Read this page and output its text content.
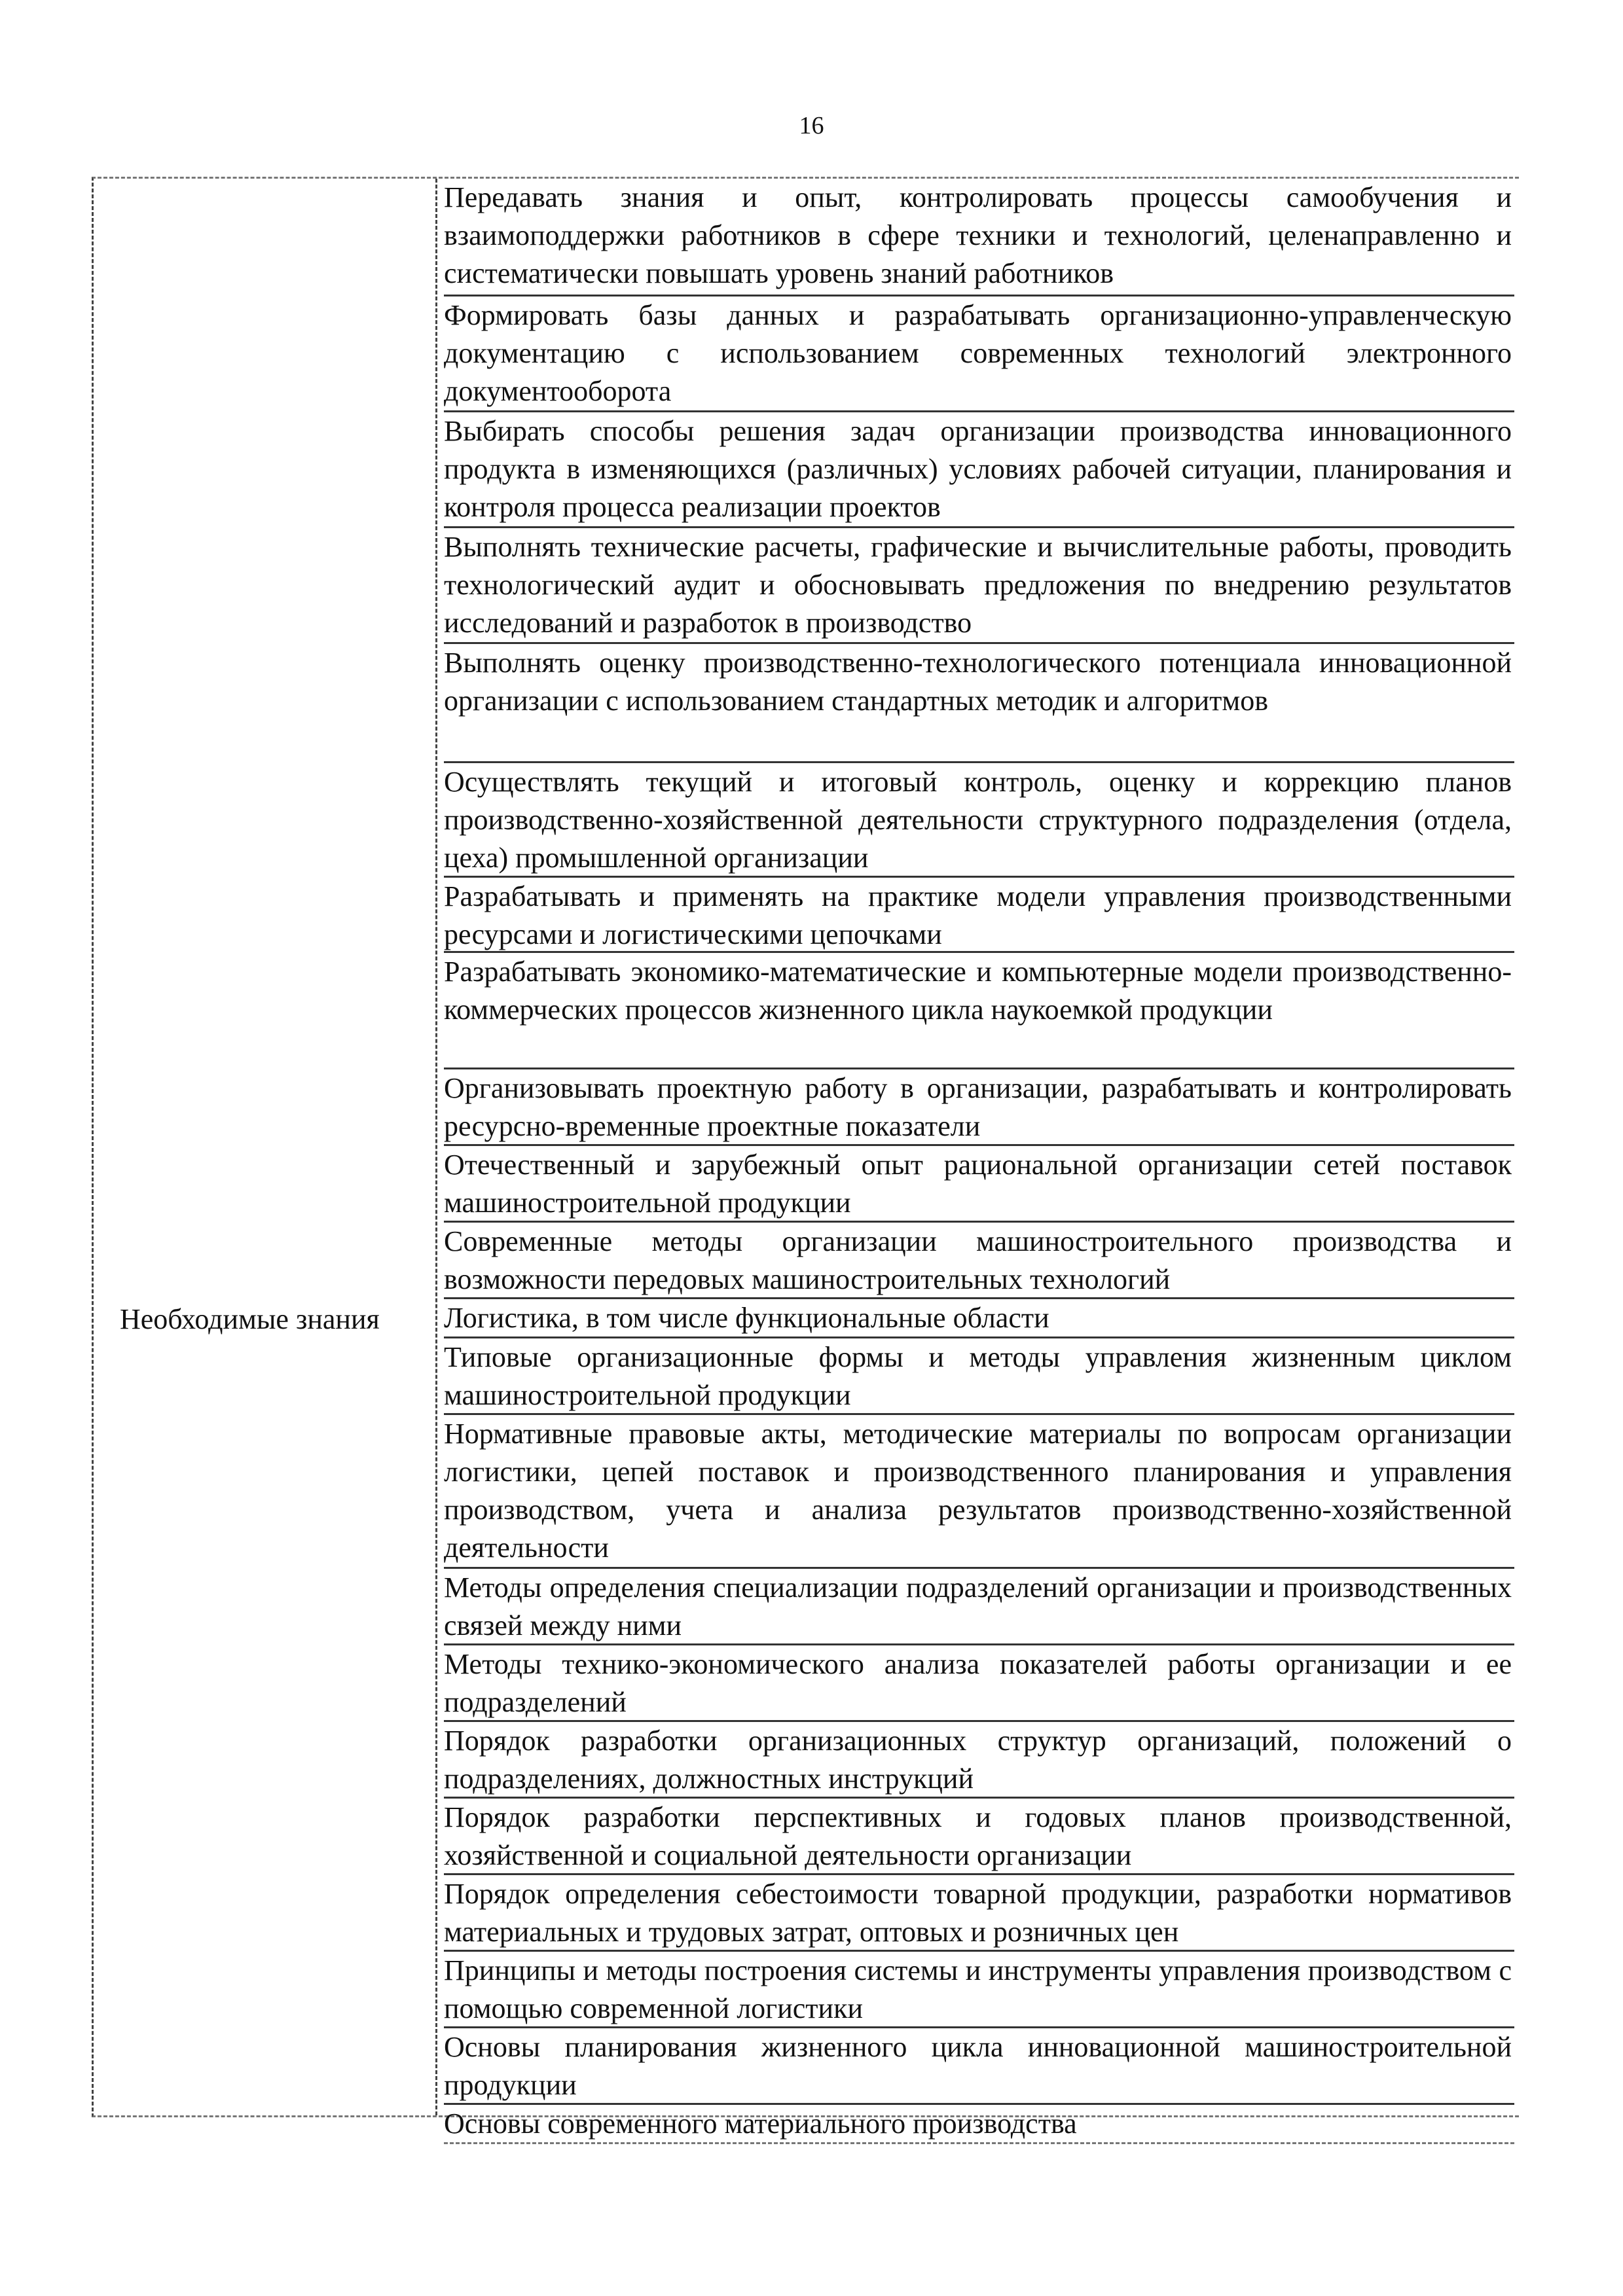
16
Необходимые знания
Передавать знания и опыт, контролировать процессы самообучения и взаимоподдержки работников в сфере техники и технологий, целенаправленно и систематически повышать уровень знаний работников
Формировать базы данных и разрабатывать организационно-управленческую документацию с использованием современных технологий электронного документооборота
Выбирать способы решения задач организации производства инновационного продукта в изменяющихся (различных) условиях рабочей ситуации, планирования и контроля процесса реализации проектов
Выполнять технические расчеты, графические и вычислительные работы, проводить технологический аудит и обосновывать предложения по внедрению результатов исследований и разработок в производство
Выполнять оценку производственно-технологического потенциала инновационной организации с использованием стандартных методик и алгоритмов
Осуществлять текущий и итоговый контроль, оценку и коррекцию планов производственно-хозяйственной деятельности структурного подразделения (отдела, цеха) промышленной организации
Разрабатывать и применять на практике модели управления производственными ресурсами и логистическими цепочками
Разрабатывать экономико-математические и компьютерные модели производственно-коммерческих процессов жизненного цикла наукоемкой продукции
Организовывать проектную работу в организации, разрабатывать и контролировать ресурсно-временные проектные показатели
Отечественный и зарубежный опыт рациональной организации сетей поставок машиностроительной продукции
Современные методы организации машиностроительного производства и возможности передовых машиностроительных технологий
Логистика, в том числе функциональные области
Типовые организационные формы и методы управления жизненным циклом машиностроительной продукции
Нормативные правовые акты, методические материалы по вопросам организации логистики, цепей поставок и производственного планирования и управления производством, учета и анализа результатов производственно-хозяйственной деятельности
Методы определения специализации подразделений организации и производственных связей между ними
Методы технико-экономического анализа показателей работы организации и ее подразделений
Порядок разработки организационных структур организаций, положений о подразделениях, должностных инструкций
Порядок разработки перспективных и годовых планов производственной, хозяйственной и социальной деятельности организации
Порядок определения себестоимости товарной продукции, разработки нормативов материальных и трудовых затрат, оптовых и розничных цен
Принципы и методы построения системы и инструменты управления производством с помощью современной логистики
Основы планирования жизненного цикла инновационной машиностроительной продукции
Основы современного материального производства
